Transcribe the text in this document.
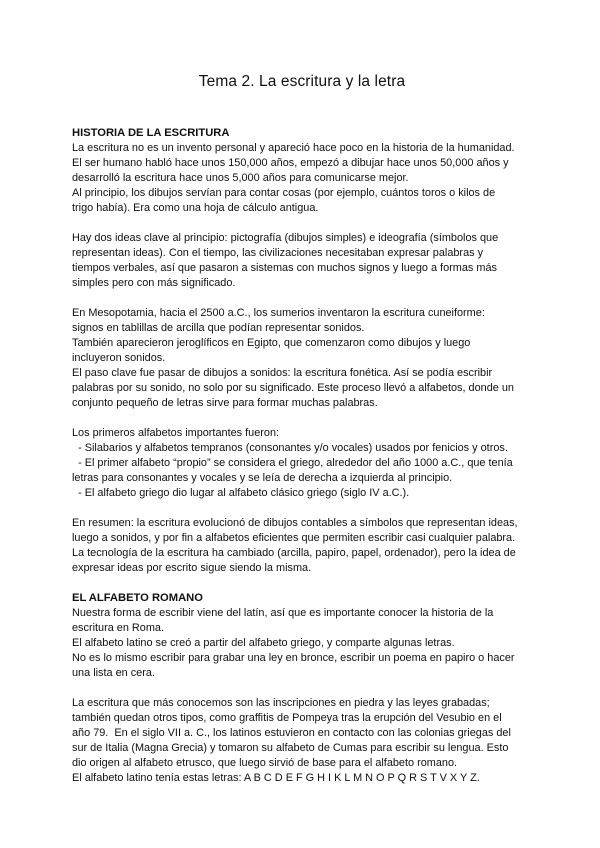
Tema 2. La escritura y la letra
HISTORIA DE LA ESCRITURA

La escritura no es un invento personal y apareció hace poco en la historia de la humanidad.
El ser humano habló hace unos 150,000 años, empezó a dibujar hace unos 50,000 años y
desarrolló la escritura hace unos 5,000 años para comunicarse mejor.
Al principio, los dibujos servían para contar cosas (por ejemplo, cuántos toros o kilos de
trigo había). Era como una hoja de cálculo antigua.

Hay dos ideas clave al principio: pictografía (dibujos simples) e ideografía (símbolos que
representan ideas). Con el tiempo, las civilizaciones necesitaban expresar palabras y
tiempos verbales, así que pasaron a sistemas con muchos signos y luego a formas más
simples pero con más significado.

En Mesopotamia, hacia el 2500 a.C., los sumerios inventaron la escritura cuneiforme:
signos en tablillas de arcilla que podían representar sonidos.
También aparecieron jeroglíficos en Egipto, que comenzaron como dibujos y luego
incluyeron sonidos.
El paso clave fue pasar de dibujos a sonidos: la escritura fonética. Así se podía escribir
palabras por su sonido, no solo por su significado. Este proceso llevó a alfabetos, donde un
conjunto pequeño de letras sirve para formar muchas palabras.

Los primeros alfabetos importantes fueron:
- Silabarios y alfabetos tempranos (consonantes y/o vocales) usados por fenicios y otros.
- El primer alfabeto “propio” se considera el griego, alrededor del año 1000 a.C., que tenía
letras para consonantes y vocales y se leía de derecha a izquierda al principio.
- El alfabeto griego dio lugar al alfabeto clásico griego (siglo IV a.C.).

En resumen: la escritura evolucionó de dibujos contables a símbolos que representan ideas,
luego a sonidos, y por fin a alfabetos eficientes que permiten escribir casi cualquier palabra.
La tecnología de la escritura ha cambiado (arcilla, papiro, papel, ordenador), pero la idea de
expresar ideas por escrito sigue siendo la misma.

EL ALFABETO ROMANO

Nuestra forma de escribir viene del latín, así que es importante conocer la historia de la
escritura en Roma.
El alfabeto latino se creó a partir del alfabeto griego, y comparte algunas letras.
No es lo mismo escribir para grabar una ley en bronce, escribir un poema en papiro o hacer
una lista en cera.

La escritura que más conocemos son las inscripciones en piedra y las leyes grabadas;
también quedan otros tipos, como graffitis de Pompeya tras la erupción del Vesubio en el
año 79.  En el siglo VII a. C., los latinos estuvieron en contacto con las colonias griegas del
sur de Italia (Magna Grecia) y tomaron su alfabeto de Cumas para escribir su lengua. Esto
dio origen al alfabeto etrusco, que luego sirvió de base para el alfabeto romano.
El alfabeto latino tenía estas letras: A B C D E F G H I K L M N O P Q R S T V X Y Z.
